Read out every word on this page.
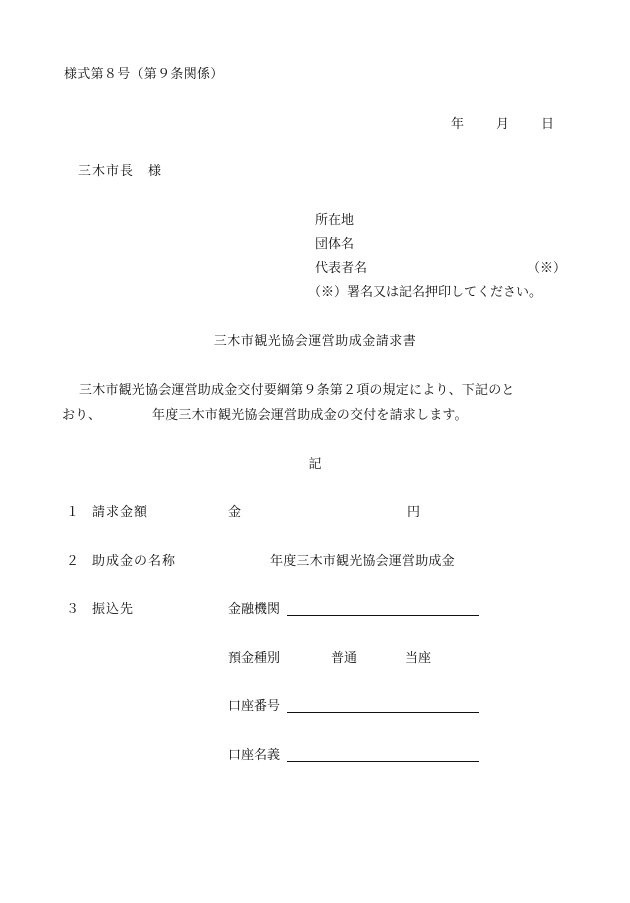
様式第８号（第９条関係）
年 月 日
三木市長　様
所在地
団体名
代表者名	（※）
（※）署名又は記名押印してください。
三木市観光協会運営助成金請求書
三木市観光協会運営助成金交付要綱第９条第２項の規定により、下記のと
おり、	年度三木市観光協会運営助成金の交付を請求します。
記
１ 請求金額	金	円
２ 助成金の名称	年度三木市観光協会運営助成金
３ 振込先	金融機関
預金種別	普通	当座
口座番号
口座名義
